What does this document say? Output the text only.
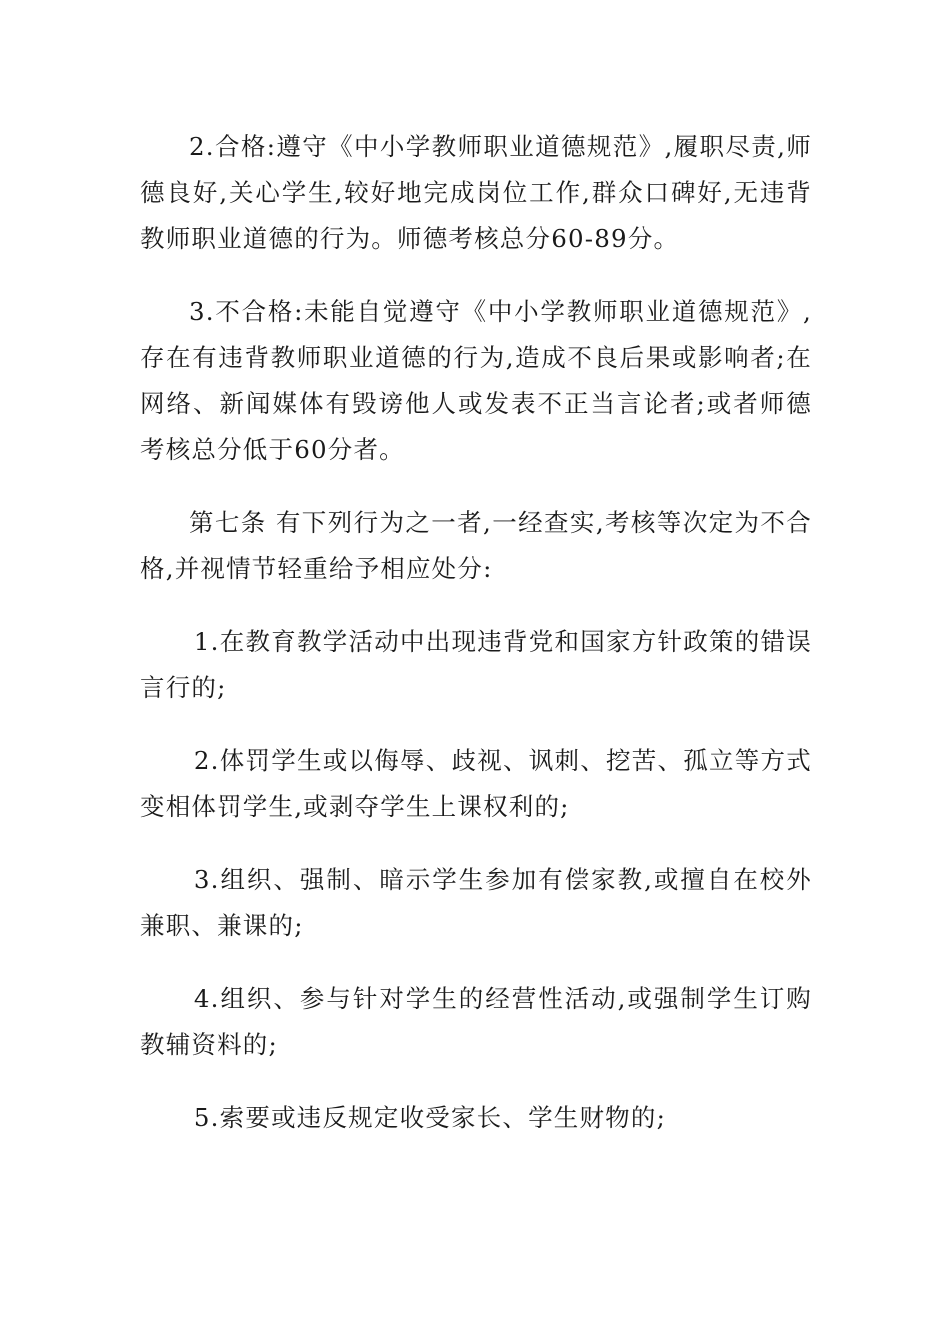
2.合格:遵守《中小学教师职业道德规范》,履职尽责,师德良好,关心学生,较好地完成岗位工作,群众口碑好,无违背教师职业道德的行为。师德考核总分60-89分。

3.不合格:未能自觉遵守《中小学教师职业道德规范》,存在有违背教师职业道德的行为,造成不良后果或影响者;在网络、新闻媒体有毁谤他人或发表不正当言论者;或者师德考核总分低于60分者。

第七条 有下列行为之一者,一经查实,考核等次定为不合格,并视情节轻重给予相应处分:

1.在教育教学活动中出现违背党和国家方针政策的错误言行的;

2.体罚学生或以侮辱、歧视、讽刺、挖苦、孤立等方式变相体罚学生,或剥夺学生上课权利的;

3.组织、强制、暗示学生参加有偿家教,或擅自在校外兼职、兼课的;

4.组织、参与针对学生的经营性活动,或强制学生订购教辅资料的;

5.索要或违反规定收受家长、学生财物的;
